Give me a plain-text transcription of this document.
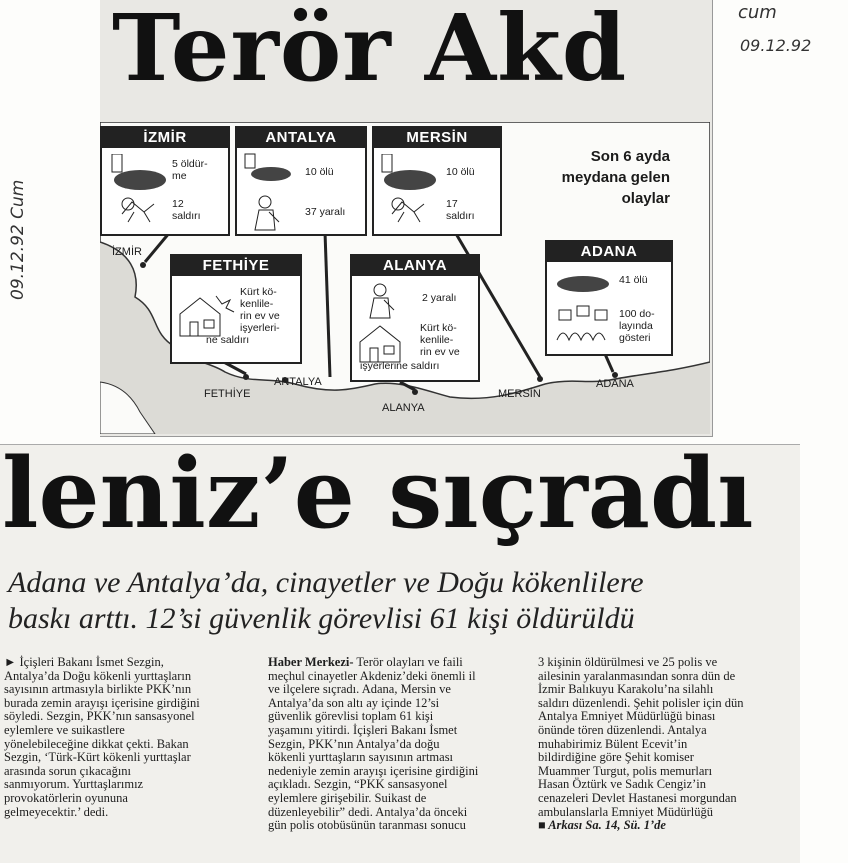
cum
09.12.92
09.12.92 Cum
Terör Akd
Son 6 ayda
meydana gelen
olaylar
İZMİR
5 öldür-
me
12
saldırı
ANTALYA
10 ölü
37 yaralı
MERSİN
10 ölü
17
saldırı
FETHİYE
Kürt kö-
kenlile-
rin ev ve
işyerleri-
ne saldırı
ALANYA
2 yaralı
Kürt kö-
kenlile-
rin ev ve
işyerlerine saldırı
ADANA
41 ölü
100 do-
layında
gösteri
İZMİR
FETHİYE
ANTALYA
ALANYA
MERSİN
ADANA
leniz’e sıçradı
Adana ve Antalya’da, cinayetler ve Doğu kökenlilere
baskı arttı. 12’si güvenlik görevlisi 61 kişi öldürüldü
► İçişleri Bakanı İsmet Sezgin,
Antalya’da Doğu kökenli yurttaşların
sayısının artmasıyla birlikte PKK’nın
burada zemin arayışı içerisine girdiğini
söyledi. Sezgin, PKK’nın sansasyonel
eylemlere ve suikastlere
yönelebileceğine dikkat çekti. Bakan
Sezgin, ‘Türk-Kürt kökenli yurttaşlar
arasında sorun çıkacağını
sanmıyorum. Yurttaşlarımız
provokatörlerin oyununa
gelmeyecektir.’ dedi.
Haber Merkezi- Terör olayları ve faili
meçhul cinayetler Akdeniz’deki önemli il
ve ilçelere sıçradı. Adana, Mersin ve
Antalya’da son altı ay içinde 12’si
güvenlik görevlisi toplam 61 kişi
yaşamını yitirdi. İçişleri Bakanı İsmet
Sezgin, PKK’nın Antalya’da doğu
kökenli yurttaşların sayısının artması
nedeniyle zemin arayışı içerisine girdiğini
açıkladı. Sezgin, “PKK sansasyonel
eylemlere girişebilir. Suikast de
düzenleyebilir” dedi. Antalya’da önceki
gün polis otobüsünün taranması sonucu
3 kişinin öldürülmesi ve 25 polis ve
ailesinin yaralanmasından sonra dün de
İzmir Balıkuyu Karakolu’na silahlı
saldırı düzenlendi. Şehit polisler için dün
Antalya Emniyet Müdürlüğü binası
önünde tören düzenlendi. Antalya
muhabirimiz Bülent Ecevit’in
bildirdiğine göre Şehit komiser
Muammer Turgut, polis memurları
Hasan Öztürk ve Sadık Cengiz’in
cenazeleri Devlet Hastanesi morgundan
ambulanslarla Emniyet Müdürlüğü
■ Arkası Sa. 14, Sü. 1’de
